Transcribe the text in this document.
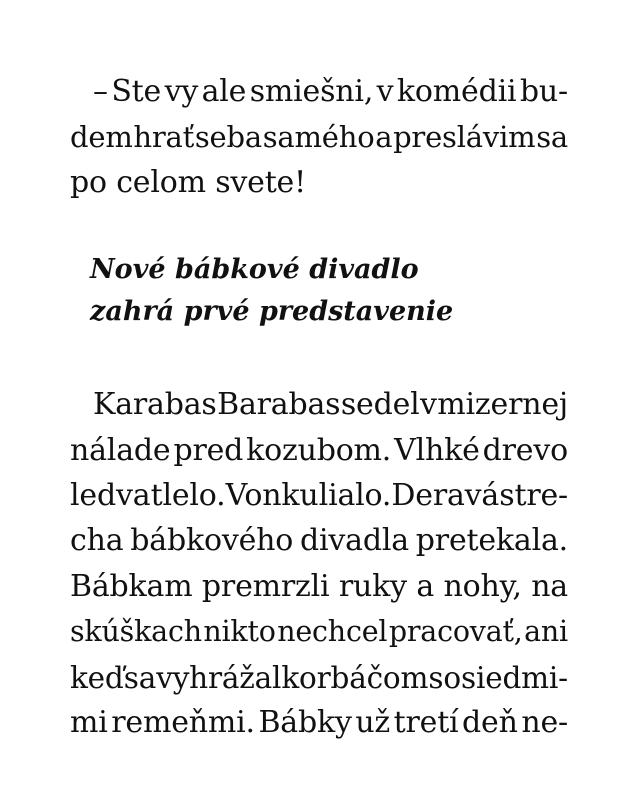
– Ste vy ale smiešni, v komédii bu-
dem hrať seba samého a preslávim sa
po celom svete!
Nové bábkové divadlo
zahrá prvé predstavenie
Karabas Barabas sedel v mizernej
nálade pred kozubom. Vlhké drevo
ledva tlelo. Vonku lialo. Deravá stre-
cha bábkového divadla pretekala.
Bábkam premrzli ruky a nohy, na
skúškach nikto nechcel pracovať, ani
keď sa vyhrážal korbáčom so siedmi-
mi remeňmi. Bábky už tretí deň ne-
